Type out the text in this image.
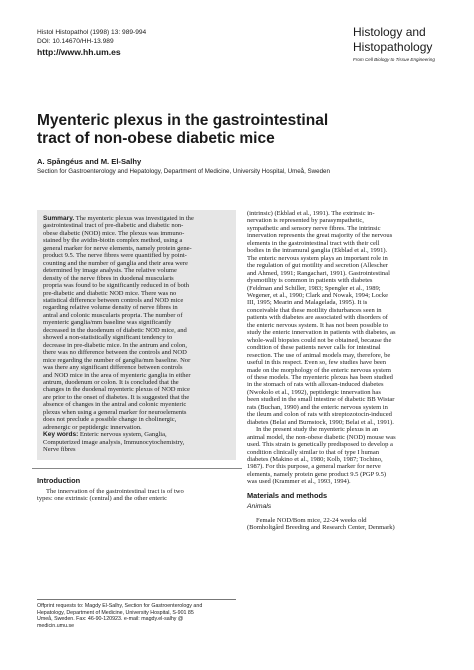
Histol Histopathol (1998) 13: 989-994
DOI: 10.14670/HH-13.989
http://www.hh.um.es
Histology and
Histopathology
From Cell Biology to Tissue Engineering
Myenteric plexus in the gastrointestinal
tract of non-obese diabetic mice
A. Spångéus and M. El-Salhy
Section for Gastroenterology and Hepatology, Department of Medicine, University Hospital, Umeå, Sweden

Summary. The myenteric plexus was investigated in the
gastrointestinal tract of pre-diabetic and diabetic non-
obese diabetic (NOD) mice. The plexus was immuno-
stained by the avidin-biotin complex method, using a
general marker for nerve elements, namely protein gene-
product 9.5. The nerve fibres were quantified by point-
counting and the number of ganglia and their area were
determined by image analysis. The relative volume
density of the nerve fibres in duodenal muscularis
propria was found to be significantly reduced in of both
pre-diabetic and diabetic NOD mice. There was no
statistical difference between controls and NOD mice
regarding relative volume density of nerve fibres in
antral and colonic muscularis propria. The number of
myenteric ganglia/mm baseline was significantly
decreased in the duodenum of diabetic NOD mice, and
showed a non-statistically significant tendency to
decrease in pre-diabetic mice. In the antrum and colon,
there was no difference between the controls and NOD
mice regarding the number of ganglia/mm baseline. Nor
was there any significant difference between controls
and NOD mice in the area of myenteric ganglia in either
antrum, duodenum or colon. It is concluded that the
changes in the duodenal myenteric plexus of NOD mice
are prior to the onset of diabetes. It is suggested that the
absence of changes in the antral and colonic myenteric
plexus when using a general marker for neuroelements
does not preclude a possible change in cholinergic,
adrenergic or peptidergic innervation.

Key words: Enteric nervous system, Ganglia,
Computerized image analysis, Immunocytochemistry,
Nerve fibres

Introduction
The innervation of the gastrointestinal tract is of two
types: one extrinsic (central) and the other enteric
Offprint requests to: Magdy El-Salhy, Section for Gastroenterology and
Hepatology, Department of Medicine, University Hospital, S-901 85
Umeå, Sweden. Fax: 46-90-120923. e-mail: magdy.el-salhy @
medicin.umu.se
(intrinsic) (Ekblad et al., 1991). The extrinsic in-
nervation is represented by parasympathetic,
sympathetic and sensory nerve fibres. The intrinsic
innervation represents the great majority of the nervous
elements in the gastrointestinal tract with their cell
bodies in the intramural ganglia (Ekblad et al., 1991).
The enteric nervous system plays an important role in
the regulation of gut motility and secretion (Allescher
and Ahmed, 1991; Rangachari, 1991). Gastrointestinal
dysmotility is common in patients with diabetes
(Feldman and Schiller, 1983; Spengler et al., 1989;
Wegener, et al., 1990; Clark and Nowak, 1994; Locke
III, 1995; Mearin and Malagelada, 1995). It is
conceivable that these motility disturbances seen in
patients with diabetes are associated with disorders of
the enteric nervous system. It has not been possible to
study the enteric innervation in patients with diabetes, as
whole-wall biopsies could not be obtained, because the
condition of these patients never calls for intestinal
resection. The use of animal models may, therefore, be
useful in this respect. Even so, few studies have been
made on the morphology of the enteric nervous system
of these models. The myenteric plexus has been studied
in the stomach of rats with alloxan-induced diabetes
(Nwokolo et al., 1992), peptidergic innervation has
been studied in the small intestine of diabetic BB Wistar
rats (Buchan, 1990) and the enteric nervous system in
the ileum and colon of rats with streptozotocin-induced
diabetes (Belai and Burnstock, 1990; Belai et al., 1991).
In the present study the myenteric plexus in an
animal model, the non-obese diabetic (NOD) mouse was
used. This strain is genetically predisposed to develop a
condition clinically similar to that of type I human
diabetes (Makino et al., 1980; Kolb, 1987; Tochino,
1987). For this purpose, a general marker for nerve
elements, namely protein gene product 9.5 (PGP 9.5)
was used (Krammer et al., 1993, 1994).
Materials and methods
Animals
Female NOD/Bom mice, 22-24 weeks old
(Bomholtgård Breeding and Research Center, Denmark)
